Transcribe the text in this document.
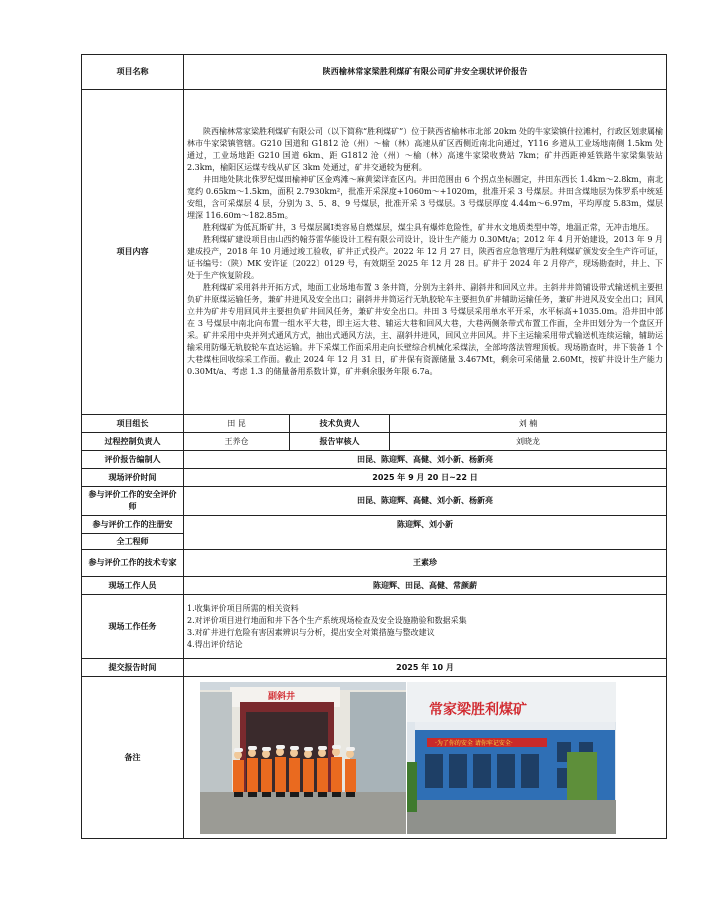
项目名称	陕西榆林常家梁胜利煤矿有限公司矿井安全现状评价报告		
项目内容	陕西榆林常家梁胜利煤矿有限公司（以下简称“胜利煤矿”）位于陕西省榆林市北部 20km 处的牛家梁镇什拉滩村，行政区划隶属榆林市牛家梁镇管辖。G210 国道和 G1812 沧（州）～榆（林）高速从矿区西侧近南北向通过，Y116 乡道从工业场地南侧 1.5km 处通过，工业场地距 G210 国道 6km、距 G1812 沧（州）～榆（林）高速牛家梁收费站 7km；矿井西距神延铁路牛家梁集装站 2.3km，榆阳区运煤专线从矿区 3km 处通过，矿井交通较为便利。

井田地处陕北侏罗纪煤田榆神矿区金鸡滩～麻黄梁详查区内。井田范围由 6 个拐点坐标圈定，井田东西长 1.4km～2.8km，南北宽约 0.65km～1.5km，面积 2.7930km²，批准开采深度+1060m～+1020m，批准开采 3 号煤层。井田含煤地层为侏罗系中统延安组，含可采煤层 4 层，分别为 3、5、8、9 号煤层，批准开采 3 号煤层。3 号煤层厚度 4.44m～6.97m，平均厚度 5.83m，煤层埋深 116.60m～182.85m。

胜利煤矿为低瓦斯矿井，3 号煤层属Ⅰ类容易自燃煤层，煤尘具有爆炸危险性，矿井水文地质类型中等，地温正常，无冲击地压。

胜利煤矿建设项目由山西约翰芬雷华能设计工程有限公司设计，设计生产能力 0.30Mt/a；2012 年 4 月开始建设，2013 年 9 月建成投产，2018 年 10 月通过竣工验收，矿井正式投产。2022 年 12 月 27 日，陕西省应急管理厅为胜利煤矿颁发安全生产许可证，证书编号：（陕）MK 安许证〔2022〕0129 号，有效期至 2025 年 12 月 28 日。矿井于 2024 年 2 月停产，现场勘查时，井上、下处于生产恢复阶段。

胜利煤矿采用斜井开拓方式，地面工业场地布置 3 条井筒，分别为主斜井、副斜井和回风立井。主斜井井筒铺设带式输送机主要担负矿井原煤运输任务，兼矿井进风及安全出口；副斜井井筒运行无轨胶轮车主要担负矿井辅助运输任务，兼矿井进风及安全出口；回风立井为矿井专用回风井主要担负矿井回风任务，兼矿井安全出口。井田 3 号煤层采用单水平开采，水平标高+1035.0m。沿井田中部在 3 号煤层中南北向布置一组水平大巷，即主运大巷、辅运大巷和回风大巷，大巷两侧条带式布置工作面，全井田划分为一个盘区开采。矿井采用中央并列式通风方式，抽出式通风方法，主、副斜井进风，回风立井回风。井下主运输采用带式输送机连续运输，辅助运输采用防爆无轨胶轮车直达运输。井下采煤工作面采用走向长壁综合机械化采煤法，全部垮落法管理顶板。现场勘查时，井下装备 1 个大巷煤柱回收综采工作面。截止 2024 年 12 月 31 日，矿井保有资源储量 3.467Mt，剩余可采储量 2.60Mt，按矿井设计生产能力 0.30Mt/a、考虑 1.3 的储量备用系数计算，矿井剩余服务年限 6.7a。		

项目组长	田 昆	技术负责人	刘 楠
过程控制负责人	王养仓	报告审核人	刘晓龙
评价报告编制人	田昆、陈迎辉、高健、刘小新、杨新亮		
现场评价时间	2025 年 9 月 20 日~22 日		
参与评价工作的安全评价师	田昆、陈迎辉、高健、刘小新、杨新亮		
参与评价工作的注册安	陈迎辉、刘小新		
全工程师			
参与评价工作的技术专家	王素珍		
现场工作人员	陈迎辉、田昆、高健、常颜薪		
现场工作任务	1.收集评价项目所需的相关资料
2.对评价项目进行地面和井下各个生产系统现场检查及安全设施勘验和数据采集
3.对矿井进行危险有害因素辨识与分析，提出安全对策措施与整改建议
4.得出评价结论		

提交报告时间	2025 年 10 月		
备注	副斜井
常家梁胜利煤矿
·为了你的安全 请你牢记安全·		
